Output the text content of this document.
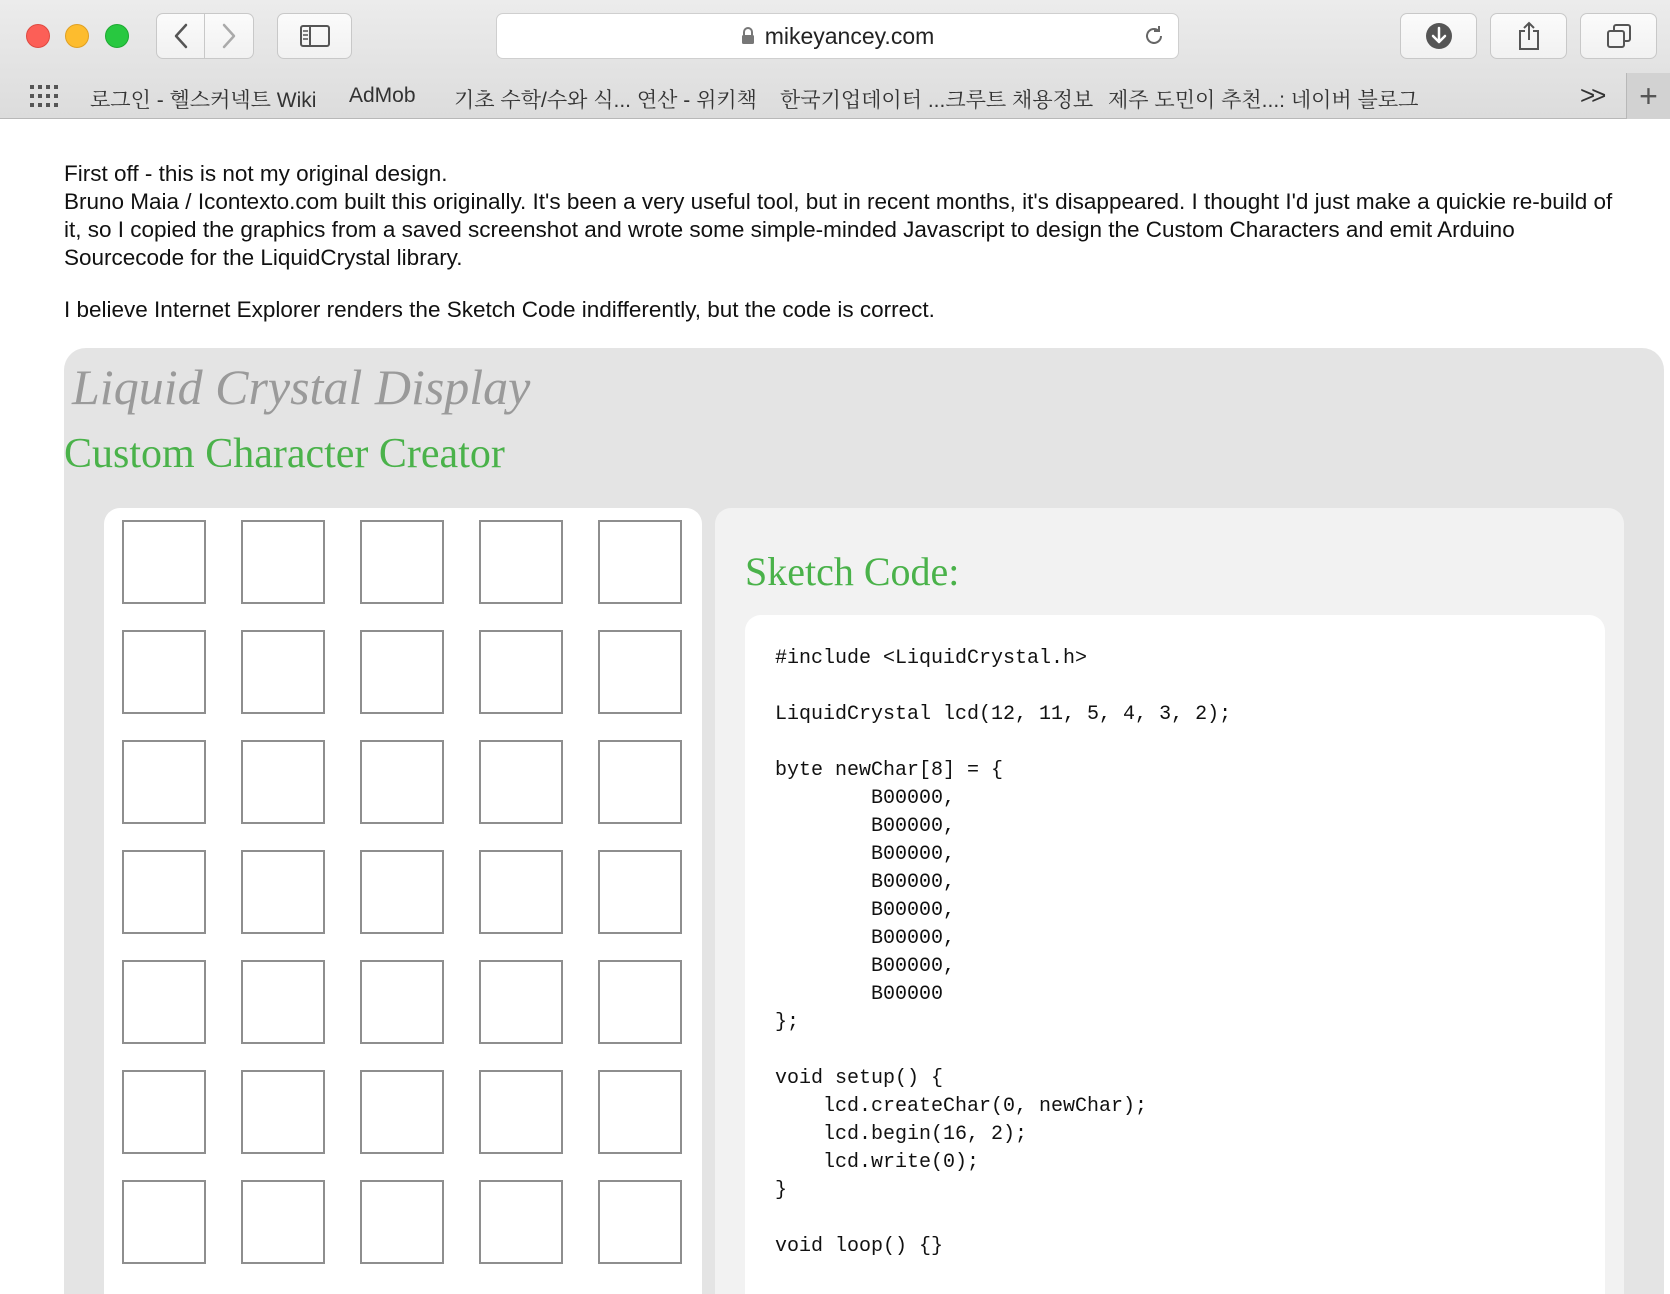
mikeyancey.com
로그인 - 헬스커넥트 Wiki AdMob 기초 수학/수와 식... 연산 - 위키책 한국기업데이터 ...크루트 채용정보 제주 도민이 추천...: 네이버 블로그	>> +
First off - this is not my original design.

Bruno Maia / Icontexto.com built this originally. It's been a very useful tool, but in recent months, it's disappeared. I thought I'd just make a quickie re-build of it, so I copied the graphics from a saved screenshot and wrote some simple-minded Javascript to design the Custom Characters and emit Arduino Sourcecode for the LiquidCrystal library.

I believe Internet Explorer renders the Sketch Code indifferently, but the code is correct.

Liquid Crystal Display
Custom Character Creator
Sketch Code:
#include <LiquidCrystal.h>

LiquidCrystal lcd(12, 11, 5, 4, 3, 2);

byte newChar[8] = {
B00000,
B00000,
B00000,
B00000,
B00000,
B00000,
B00000,
B00000
};

void setup() {
lcd.createChar(0, newChar);
lcd.begin(16, 2);
lcd.write(0);
}

void loop() {}
